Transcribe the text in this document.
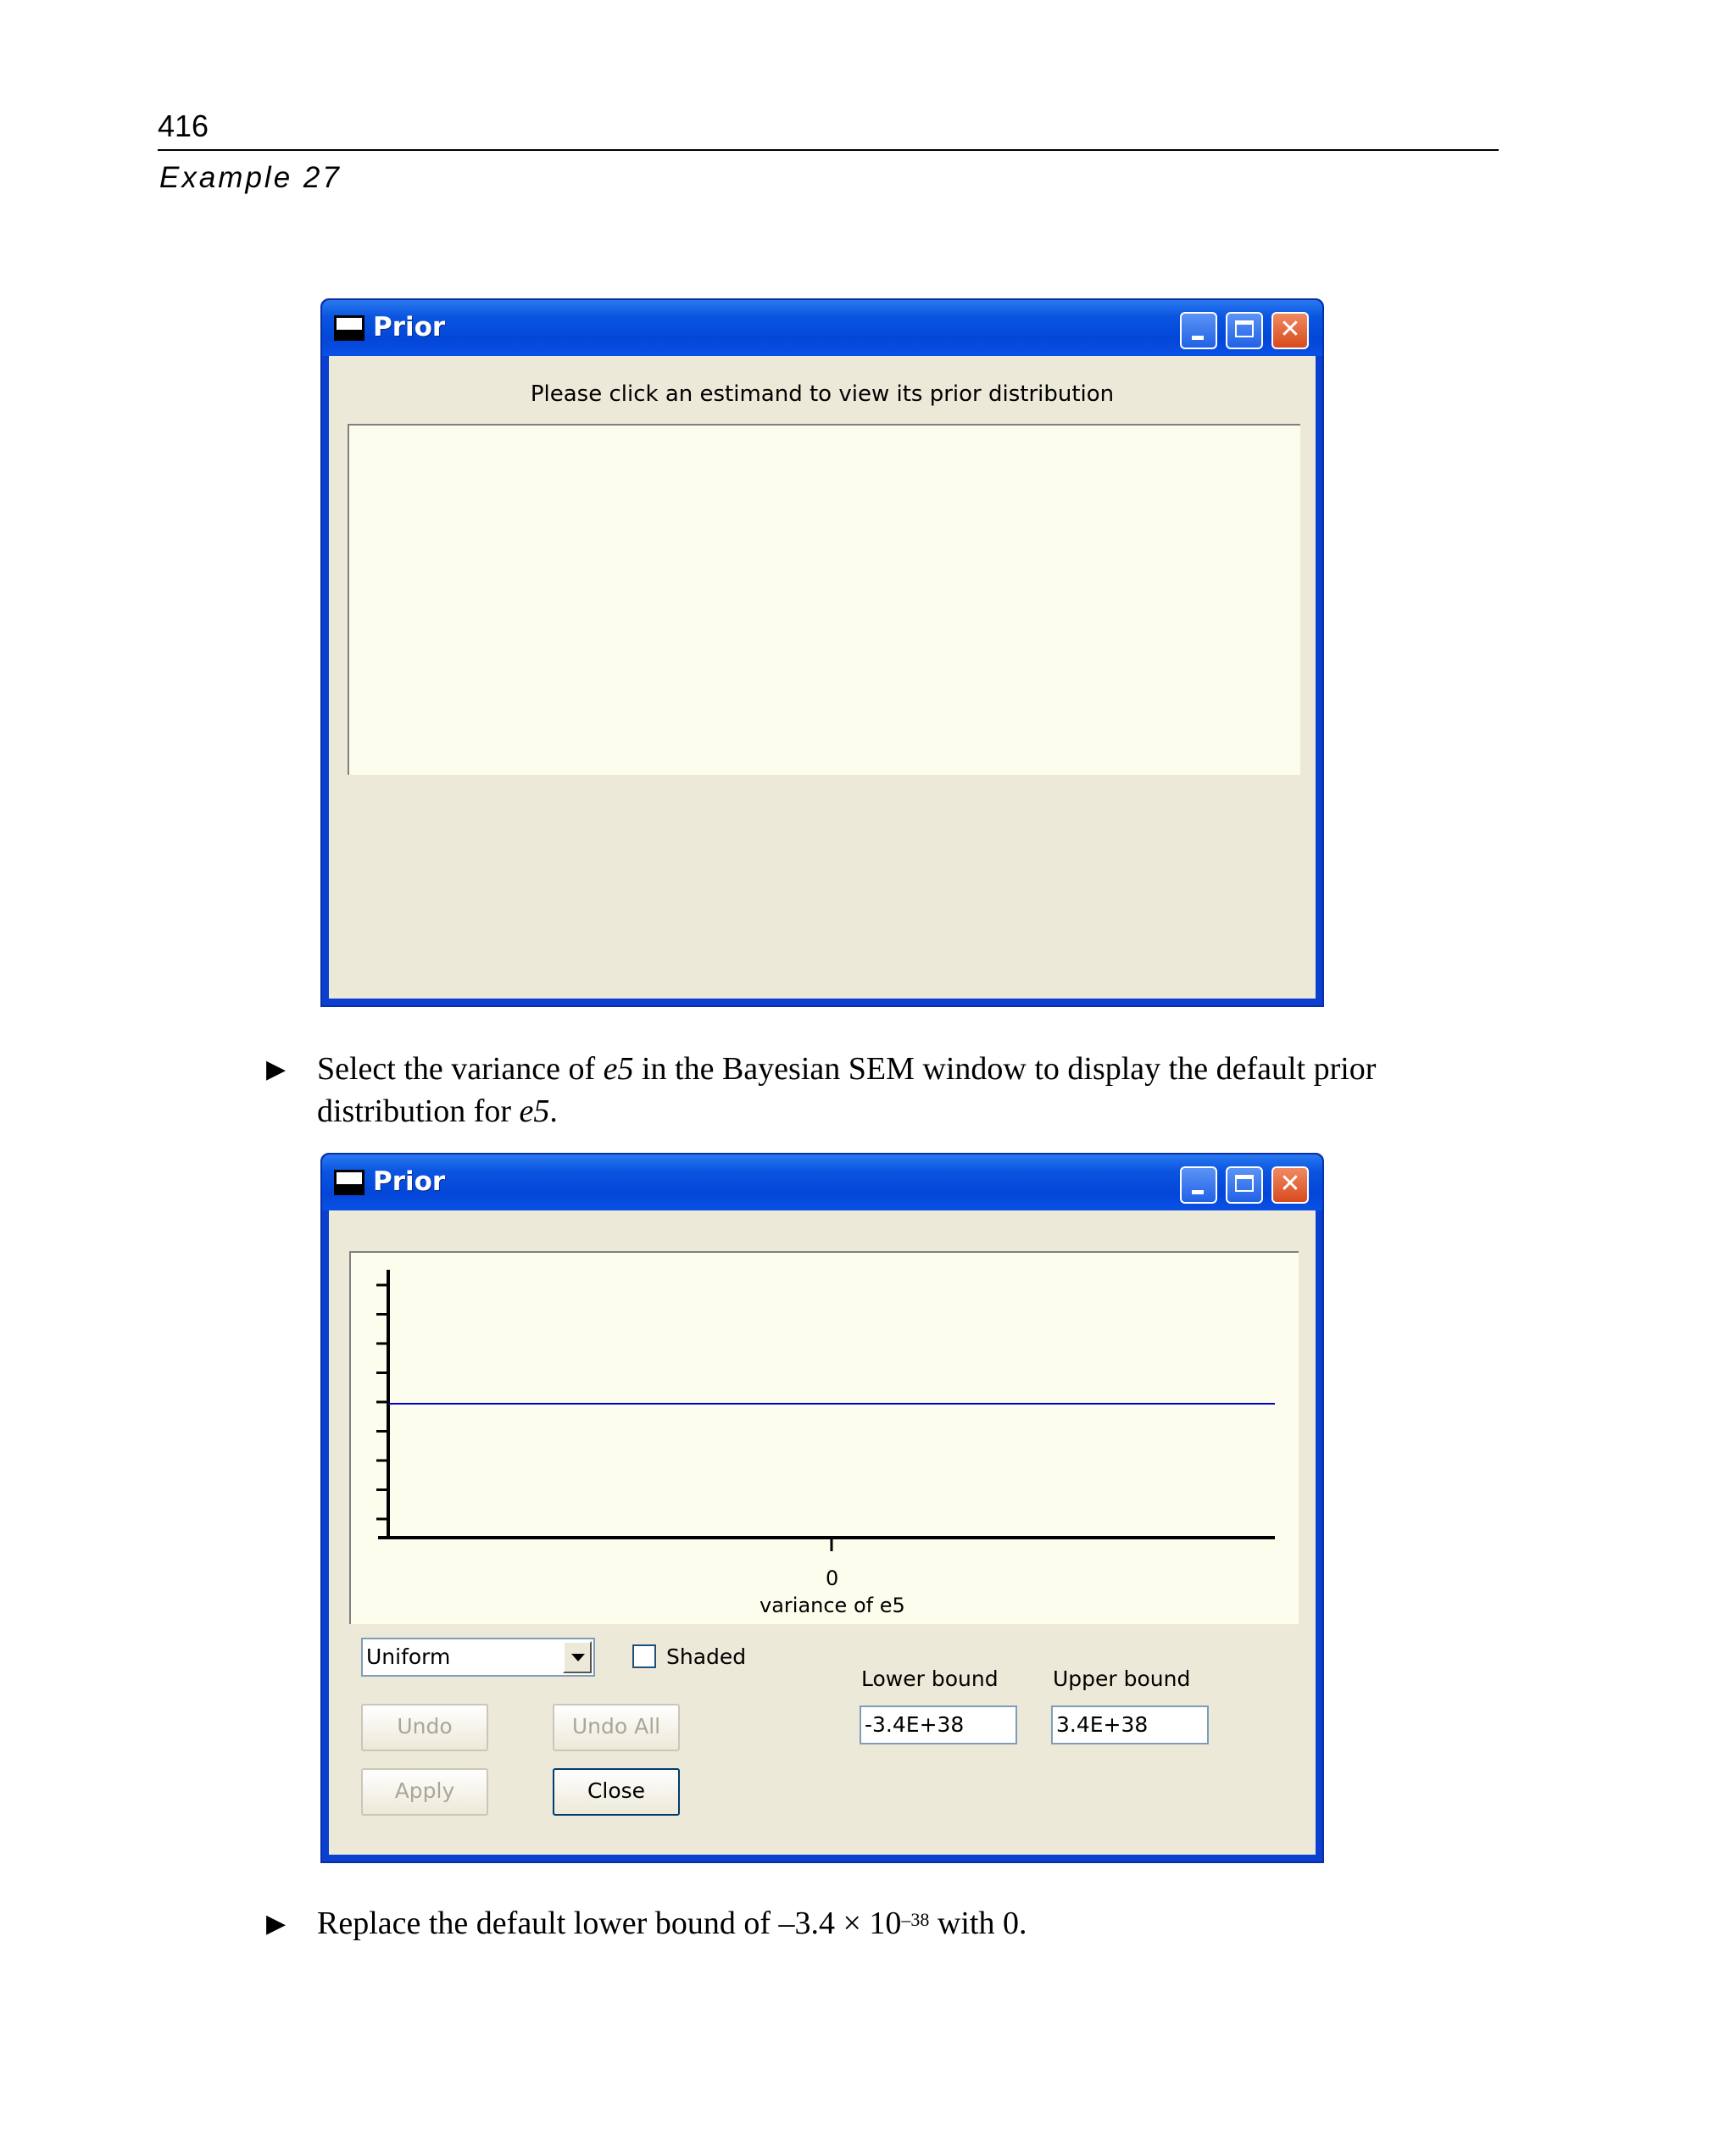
416
Example 27
Prior	✕
Please click an estimand to view its prior distribution
▶ Select the variance of e5 in the Bayesian SEM window to display the default prior
distribution for e5.
Prior	✕
0
variance of e5
Uniform	Shaded
Undo	Undo All
Apply	Close
Lower bound	Upper bound
-3.4E+38	3.4E+38
▶ Replace the default lower bound of $-3.4 \times 10^{-38}$ with 0.
